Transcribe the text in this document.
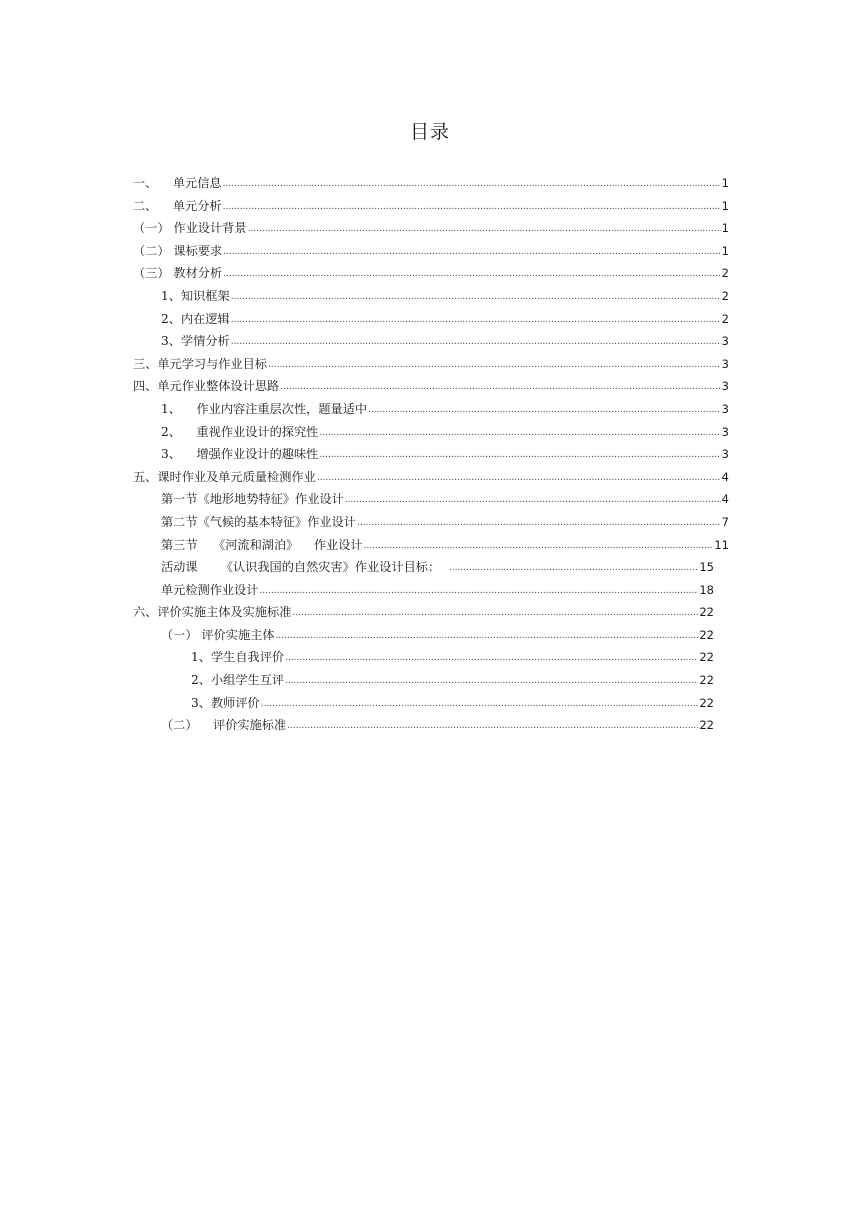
目录
一、    单元信息 .....	1
二、    单元分析 .....	1
（一） 作业设计背景 .....	1
（二） 课标要求 .....	1
（三） 教材分析 .....	2
1、知识框架 .....	2
2、内在逻辑 .....	2
3、学情分析 .....	3
三、单元学习与作业目标 .....	3
四、单元作业整体设计思路 .....	3
1、    作业内容注重层次性，题量适中 .....	3
2、    重视作业设计的探究性 .....	3
3、    增强作业设计的趣味性 .....	3
五、课时作业及单元质量检测作业 .....	4
第一节《地形地势特征》作业设计 .....	4
第二节《气候的基本特征》作业设计 .....	7
第三节    《河流和湖泊》    作业设计 .....	11
活动课      《认识我国的自然灾害》作业设计目标： .....	15
单元检测作业设计 .....	18
六、评价实施主体及实施标准 .....	22
（一） 评价实施主体 .....	22
1、学生自我评价 .....	22
2、小组学生互评 .....	22
3、教师评价 .....	22
（二）    评价实施标准 .....	22
